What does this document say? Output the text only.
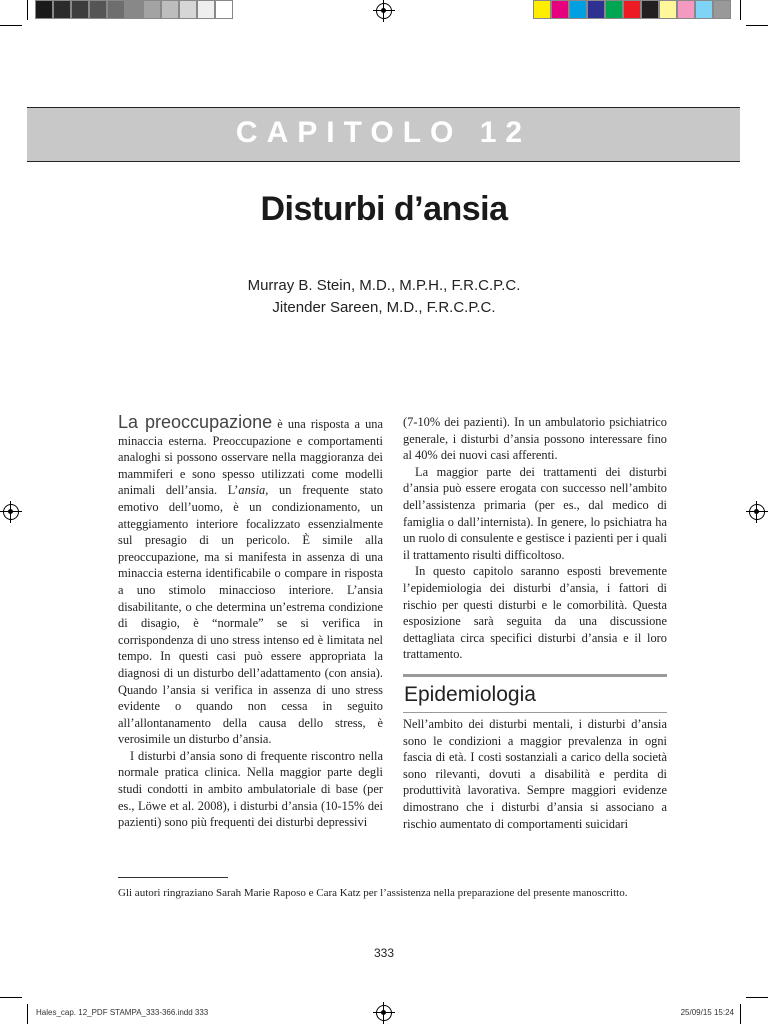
CAPITOLO 12
Disturbi d’ansia
Murray B. Stein, M.D., M.P.H., F.R.C.P.C.
Jitender Sareen, M.D., F.R.C.P.C.

La preoccupazione è una risposta a una minaccia esterna. Preoccupazione e comportamenti analoghi si possono osservare nella maggioranza dei mammiferi e sono spesso utilizzati come modelli animali dell’ansia. L’ansia, un frequente stato emotivo dell’uomo, è un condizionamento, un atteggiamento interiore focalizzato essenzialmente sul presagio di un pericolo. È simile alla preoccupazione, ma si manifesta in assenza di una minaccia esterna identificabile o compare in risposta a uno stimolo minaccioso interiore. L’ansia disabilitante, o che determina un’estrema condizione di disagio, è “normale” se si verifica in corrispondenza di uno stress intenso ed è limitata nel tempo. In questi casi può essere appropriata la diagnosi di un disturbo dell’adattamento (con ansia). Quando l’ansia si verifica in assenza di uno stress evidente o quando non cessa in seguito all’allontanamento della causa dello stress, è verosimile un disturbo d’ansia.

I disturbi d’ansia sono di frequente riscontro nella normale pratica clinica. Nella maggior parte degli studi condotti in ambito ambulatoriale di base (per es., Löwe et al. 2008), i disturbi d’ansia (10-15% dei pazienti) sono più frequenti dei disturbi depressivi

(7-10% dei pazienti). In un ambulatorio psichiatrico generale, i disturbi d’ansia possono interessare fino al 40% dei nuovi casi afferenti.

La maggior parte dei trattamenti dei disturbi d’ansia può essere erogata con successo nell’ambito dell’assistenza primaria (per es., dal medico di famiglia o dall’internista). In genere, lo psichiatra ha un ruolo di consulente e gestisce i pazienti per i quali il trattamento risulti difficoltoso.

In questo capitolo saranno esposti brevemente l’epidemiologia dei disturbi d’ansia, i fattori di rischio per questi disturbi e le comorbilità. Questa esposizione sarà seguita da una discussione dettagliata circa specifici disturbi d’ansia e il loro trattamento.

Epidemiologia

Nell’ambito dei disturbi mentali, i disturbi d’ansia sono le condizioni a maggior prevalenza in ogni fascia di età. I costi sostanziali a carico della società sono rilevanti, dovuti a disabilità e perdita di produttività lavorativa. Sempre maggiori evidenze dimostrano che i disturbi d’ansia si associano a rischio aumentato di comportamenti suicidari

Gli autori ringraziano Sarah Marie Raposo e Cara Katz per l’assistenza nella preparazione del presente manoscritto.
333
Hales_cap. 12_PDF STAMPA_333-366.indd 333	25/09/15 15:24
